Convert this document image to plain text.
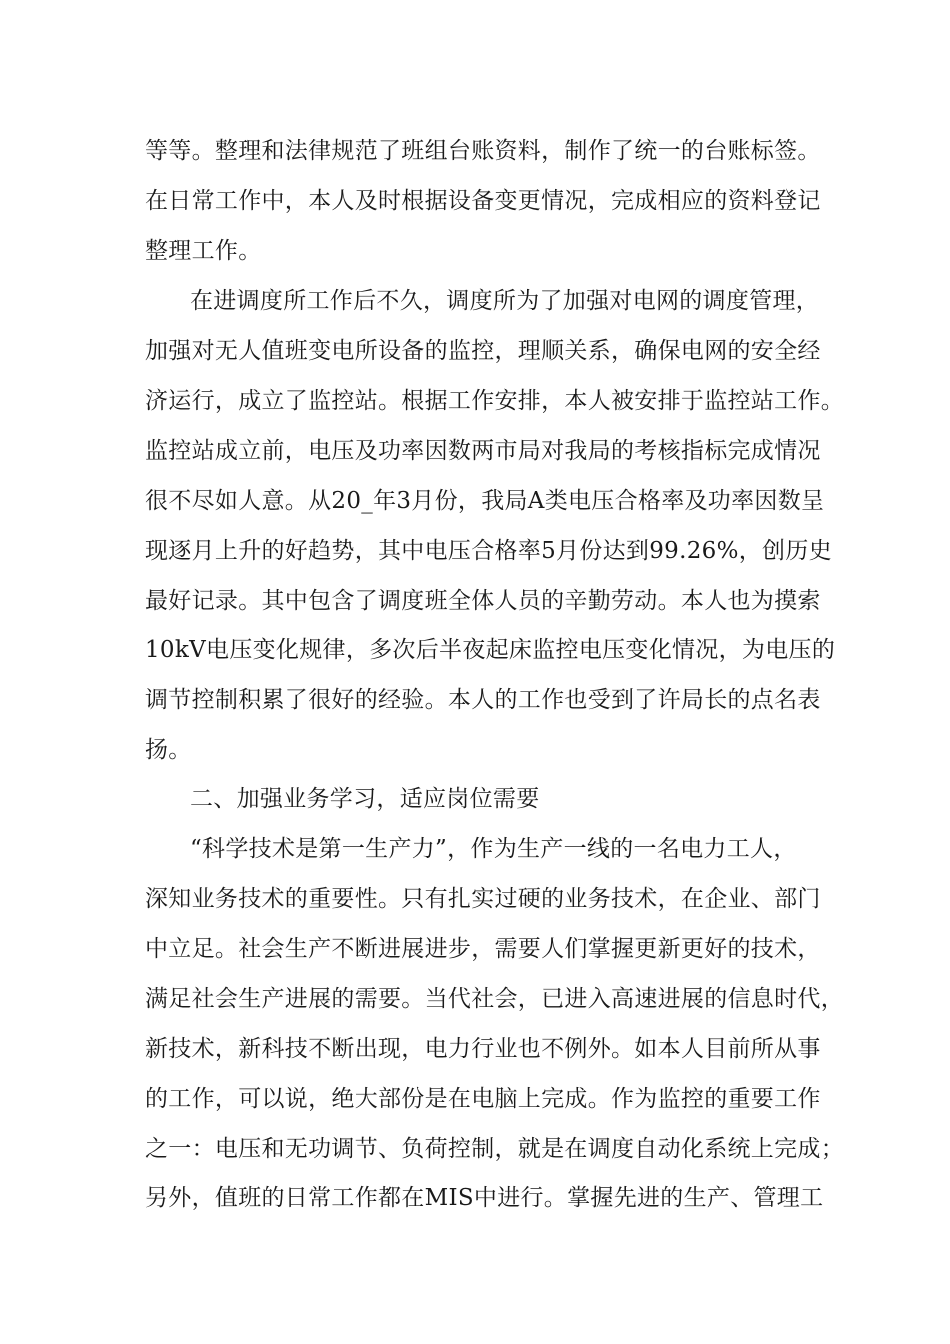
等等。整理和法律规范了班组台账资料，制作了统一的台账标签。
在日常工作中，本人及时根据设备变更情况，完成相应的资料登记
整理工作。
在进调度所工作后不久，调度所为了加强对电网的调度管理，
加强对无人值班变电所设备的监控，理顺关系，确保电网的安全经
济运行，成立了监控站。根据工作安排，本人被安排于监控站工作。
监控站成立前，电压及功率因数两市局对我局的考核指标完成情况
很不尽如人意。从20_年3月份，我局A类电压合格率及功率因数呈
现逐月上升的好趋势，其中电压合格率5月份达到99.26%，创历史
最好记录。其中包含了调度班全体人员的辛勤劳动。本人也为摸索
10kV电压变化规律，多次后半夜起床监控电压变化情况，为电压的
调节控制积累了很好的经验。本人的工作也受到了许局长的点名表
扬。
二、加强业务学习，适应岗位需要
“科学技术是第一生产力”，作为生产一线的一名电力工人，
深知业务技术的重要性。只有扎实过硬的业务技术，在企业、部门
中立足。社会生产不断进展进步，需要人们掌握更新更好的技术，
满足社会生产进展的需要。当代社会，已进入高速进展的信息时代，
新技术，新科技不断出现，电力行业也不例外。如本人目前所从事
的工作，可以说，绝大部份是在电脑上完成。作为监控的重要工作
之一：电压和无功调节、负荷控制，就是在调度自动化系统上完成；
另外，值班的日常工作都在MIS中进行。掌握先进的生产、管理工
